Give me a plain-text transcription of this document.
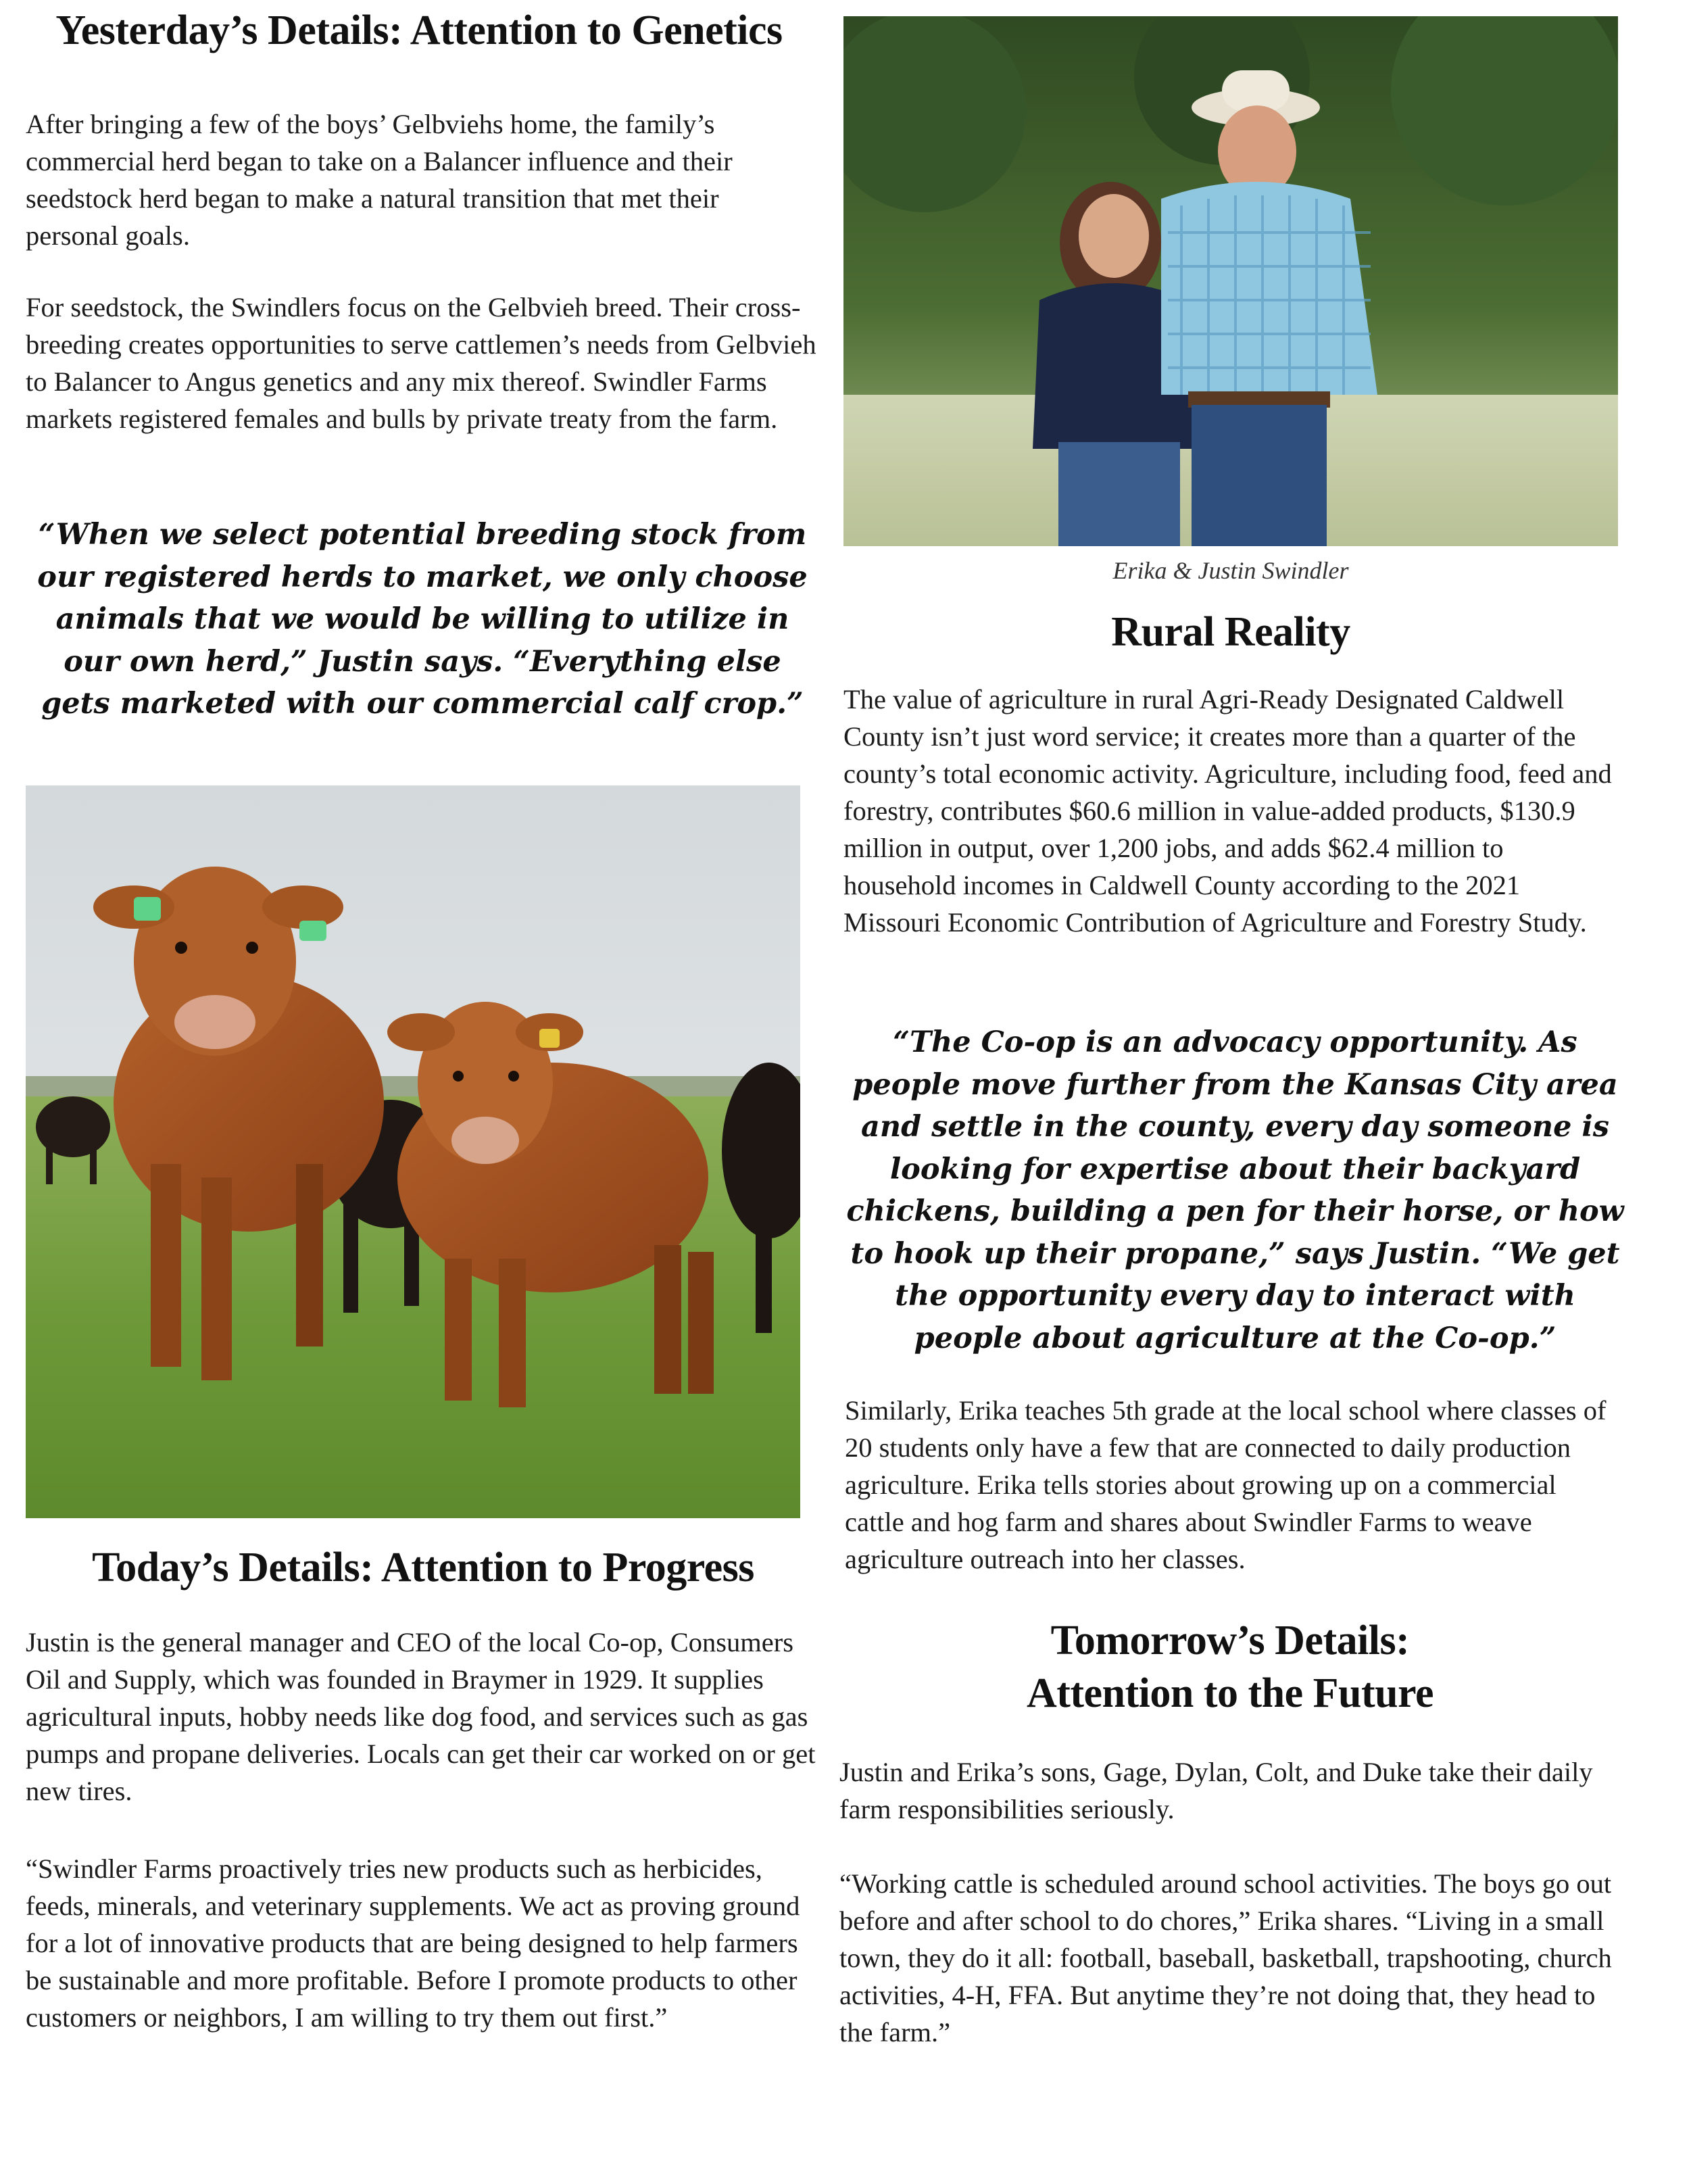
Yesterday’s Details: Attention to Genetics

After bringing a few of the boys’ Gelbviehs home, the family’s commercial herd began to take on a Balancer influence and their seedstock herd began to make a natural transition that met their personal goals.

For seedstock, the Swindlers focus on the Gelbvieh breed. Their cross-breeding creates opportunities to serve cattlemen’s needs from Gelbvieh to Balancer to Angus genetics and any mix thereof. Swindler Farms markets registered females and bulls by private treaty from the farm.

“When we select potential breeding stock from our registered herds to market, we only choose animals that we would be willing to utilize in our own herd,” Justin says. “Everything else gets marketed with our commercial calf crop.”

Today’s Details: Attention to Progress

Justin is the general manager and CEO of the local Co-op, Consumers Oil and Supply, which was founded in Braymer in 1929. It supplies agricultural inputs, hobby needs like dog food, and services such as gas pumps and propane deliveries. Locals can get their car worked on or get new tires.

“Swindler Farms proactively tries new products such as herbicides, feeds, minerals, and veterinary supplements. We act as proving ground for a lot of innovative products that are being designed to help farmers be sustainable and more profitable. Before I promote products to other customers or neighbors, I am willing to try them out first.”

Erika & Justin Swindler
Rural Reality

The value of agriculture in rural Agri-Ready Designated Caldwell County isn’t just word service; it creates more than a quarter of the county’s total economic activity. Agriculture, including food, feed and forestry, contributes $60.6 million in value-added products, $130.9 million in output, over 1,200 jobs, and adds $62.4 million to household incomes in Caldwell County according to the 2021 Missouri Economic Contribution of Agriculture and Forestry Study.

“The Co-op is an advocacy opportunity. As people move further from the Kansas City area and settle in the county, every day someone is looking for expertise about their backyard chickens, building a pen for their horse, or how to hook up their propane,” says Justin. “We get the opportunity every day to interact with people about agriculture at the Co-op.”

Similarly, Erika teaches 5th grade at the local school where classes of 20 students only have a few that are connected to daily production agriculture. Erika tells stories about growing up on a commercial cattle and hog farm and shares about Swindler Farms to weave agriculture outreach into her classes.

Tomorrow’s Details:
Attention to the Future

Justin and Erika’s sons, Gage, Dylan, Colt, and Duke take their daily farm responsibilities seriously.

“Working cattle is scheduled around school activities. The boys go out before and after school to do chores,” Erika shares. “Living in a small town, they do it all: football, baseball, basketball, trapshooting, church activities, 4-H, FFA. But anytime they’re not doing that, they head to the farm.”
